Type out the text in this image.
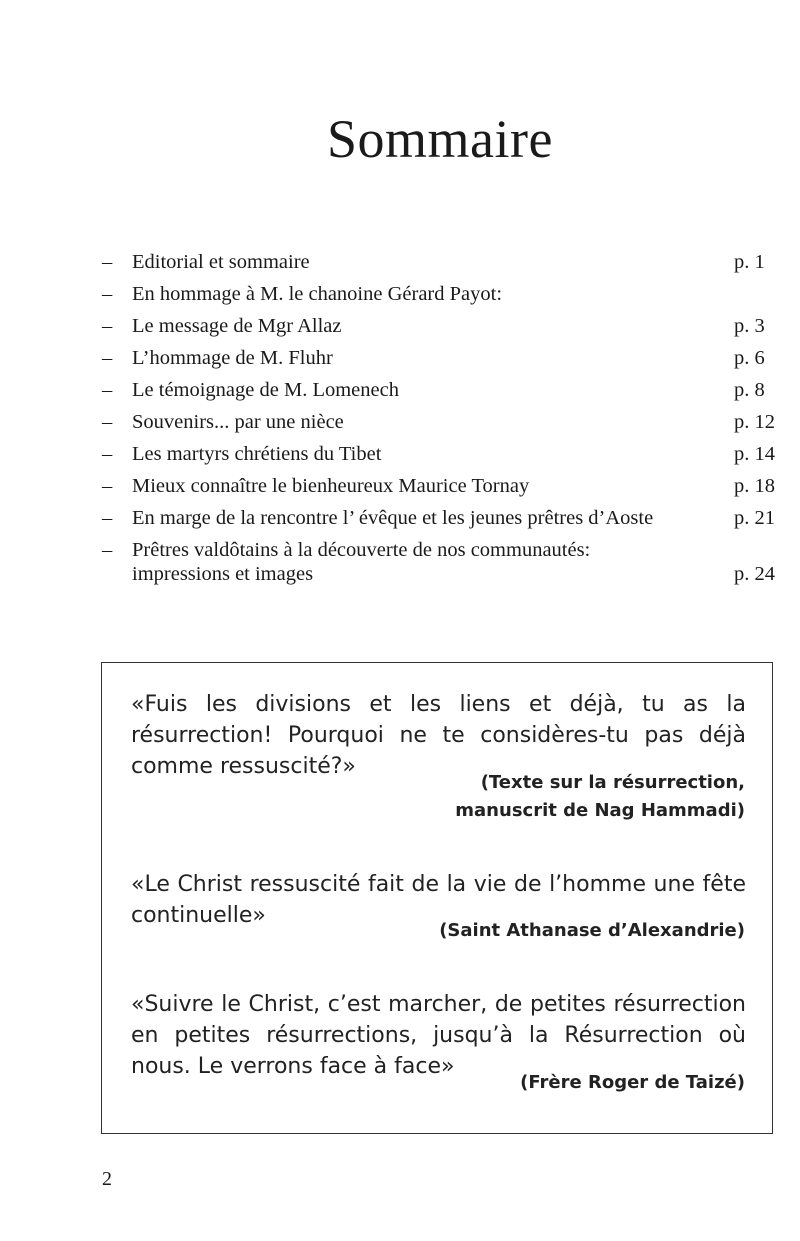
Sommaire
– Editorial et sommaire	p. 1
– En hommage à M. le chanoine Gérard Payot:
– Le message de Mgr Allaz	p. 3
– L’hommage de M. Fluhr	p. 6
– Le témoignage de M. Lomenech	p. 8
– Souvenirs... par une nièce	p. 12
– Les martyrs chrétiens du Tibet	p. 14
– Mieux connaître le bienheureux Maurice Tornay	p. 18
– En marge de la rencontre l’ évêque et les jeunes prêtres d’Aoste	p. 21
– Prêtres valdôtains à la découverte de nos communautés:
impressions et images	p. 24

«Fuis les divisions et les liens et déjà, tu as la résurrection! Pourquoi ne te considères-tu pas déjà comme ressuscité?»

(Texte sur la résurrection,
manuscrit de Nag Hammadi)

«Le Christ ressuscité fait de la vie de l’homme une fête continuelle»

(Saint Athanase d’Alexandrie)

«Suivre le Christ, c’est marcher, de petites résurrection en petites résurrections, jusqu’à la Résurrection où nous. Le verrons face à face»

(Frère Roger de Taizé)
2
